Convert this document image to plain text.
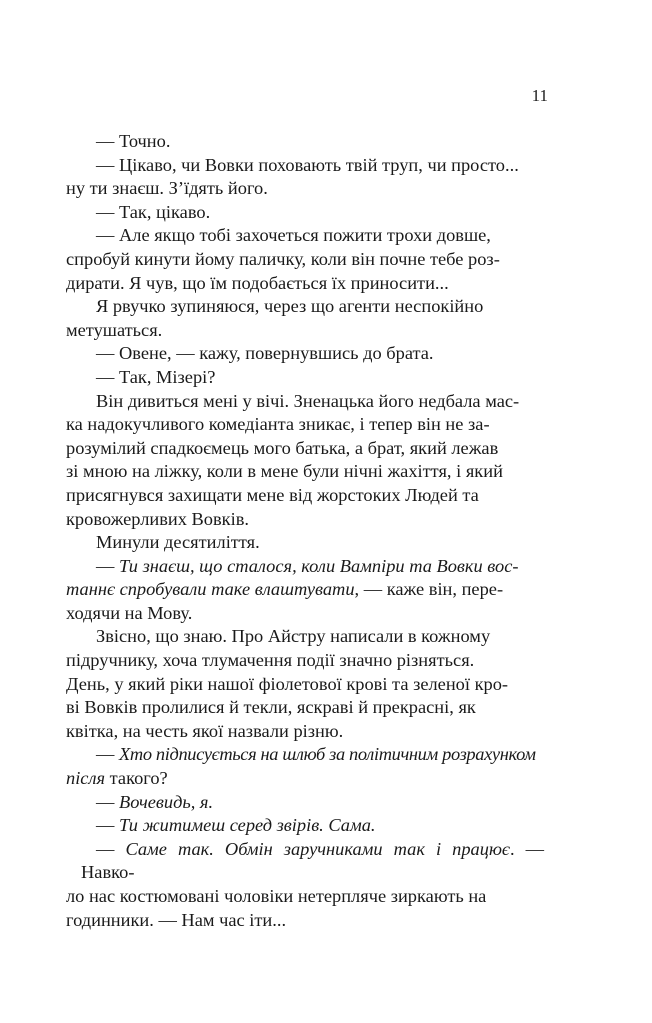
11

— Точно.

— Цікаво, чи Вовки поховають твій труп, чи просто...
ну ти знаєш. З’їдять його.

— Так, цікаво.

— Але якщо тобі захочеться пожити трохи довше,
спробуй кинути йому паличку, коли він почне тебе роз-
дирати. Я чув, що їм подобається їх приносити...

Я рвучко зупиняюся, через що агенти неспокійно
метушаться.

— Овене, — кажу, повернувшись до брата.

— Так, Мізері?

Він дивиться мені у вічі. Зненацька його недбала мас-
ка надокучливого комедіанта зникає, і тепер він не за-
розумілий спадкоємець мого батька, а брат, який лежав
зі мною на ліжку, коли в мене були нічні жахіття, і який
присягнувся захищати мене від жорстоких Людей та
кровожерливих Вовків.

Минули десятиліття.

— Ти знаєш, що сталося, коли Вампіри та Вовки вос-
таннє спробували таке влаштувати, — каже він, пере-
ходячи на Мову.

Звісно, що знаю. Про Айстру написали в кожному
підручнику, хоча тлумачення події значно різняться.
День, у який ріки нашої фіолетової крові та зеленої кро-
ві Вовків пролилися й текли, яскраві й прекрасні, як
квітка, на честь якої назвали різню.

— Хто підписується на шлюб за політичним розрахунком
після такого?

— Вочевидь, я.

— Ти житимеш серед звірів. Сама.

— Саме так. Обмін заручниками так і працює. — Навко-
ло нас костюмовані чоловіки нетерпляче зиркають на
годинники. — Нам час іти...
